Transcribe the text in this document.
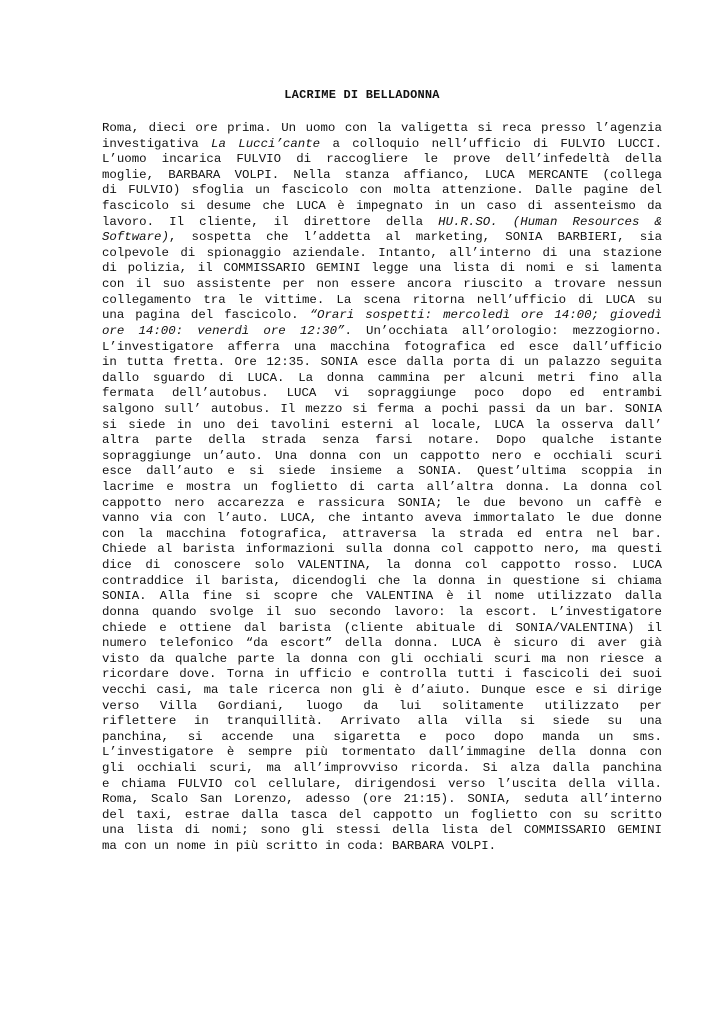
LACRIME DI BELLADONNA
Roma, dieci ore prima. Un uomo con la valigetta si reca presso l’agenzia
investigativa La Lucci’cante a colloquio nell’ufficio di FULVIO LUCCI.
L’uomo incarica FULVIO di raccogliere le prove dell’infedeltà della
moglie, BARBARA VOLPI. Nella stanza affianco, LUCA MERCANTE (collega
di FULVIO) sfoglia un fascicolo con molta attenzione. Dalle pagine del
fascicolo si desume che LUCA è impegnato in un caso di assenteismo da
lavoro. Il cliente, il direttore della HU.R.SO. (Human Resources &
Software), sospetta che l’addetta al marketing, SONIA BARBIERI, sia
colpevole di spionaggio aziendale. Intanto, all’interno di una stazione
di polizia, il COMMISSARIO GEMINI legge una lista di nomi e si lamenta
con il suo assistente per non essere ancora riuscito a trovare nessun
collegamento tra le vittime. La scena ritorna nell’ufficio di LUCA su
una pagina del fascicolo. “Orari sospetti: mercoledì ore 14:00; giovedì
ore 14:00: venerdì ore 12:30”. Un’occhiata all’orologio: mezzogiorno.
L’investigatore afferra una macchina fotografica ed esce dall’ufficio
in tutta fretta. Ore 12:35. SONIA esce dalla porta di un palazzo seguita
dallo sguardo di LUCA. La donna cammina per alcuni metri fino alla
fermata dell’autobus. LUCA vi sopraggiunge poco dopo ed entrambi
salgono sull’ autobus. Il mezzo si ferma a pochi passi da un bar. SONIA
si siede in uno dei tavolini esterni al locale, LUCA la osserva dall’
altra parte della strada senza farsi notare. Dopo qualche istante
sopraggiunge un’auto. Una donna con un cappotto nero e occhiali scuri
esce dall’auto e si siede insieme a SONIA. Quest’ultima scoppia in
lacrime e mostra un foglietto di carta all’altra donna. La donna col
cappotto nero accarezza e rassicura SONIA; le due bevono un caffè e
vanno via con l’auto. LUCA, che intanto aveva immortalato le due donne
con la macchina fotografica, attraversa la strada ed entra nel bar.
Chiede al barista informazioni sulla donna col cappotto nero, ma questi
dice di conoscere solo VALENTINA, la donna col cappotto rosso. LUCA
contraddice il barista, dicendogli che la donna in questione si chiama
SONIA. Alla fine si scopre che VALENTINA è il nome utilizzato dalla
donna quando svolge il suo secondo lavoro: la escort. L’investigatore
chiede e ottiene dal barista (cliente abituale di SONIA/VALENTINA) il
numero telefonico “da escort” della donna. LUCA è sicuro di aver già
visto da qualche parte la donna con gli occhiali scuri ma non riesce a
ricordare dove. Torna in ufficio e controlla tutti i fascicoli dei suoi
vecchi casi, ma tale ricerca non gli è d’aiuto. Dunque esce e si dirige
verso Villa Gordiani, luogo da lui solitamente utilizzato per
riflettere in tranquillità. Arrivato alla villa si siede su una
panchina, si accende una sigaretta e poco dopo manda un sms.
L’investigatore è sempre più tormentato dall’immagine della donna con
gli occhiali scuri, ma all’improvviso ricorda. Si alza dalla panchina
e chiama FULVIO col cellulare, dirigendosi verso l’uscita della villa.
Roma, Scalo San Lorenzo, adesso (ore 21:15). SONIA, seduta all’interno
del taxi, estrae dalla tasca del cappotto un foglietto con su scritto
una lista di nomi; sono gli stessi della lista del COMMISSARIO GEMINI
ma con un nome in più scritto in coda: BARBARA VOLPI.
